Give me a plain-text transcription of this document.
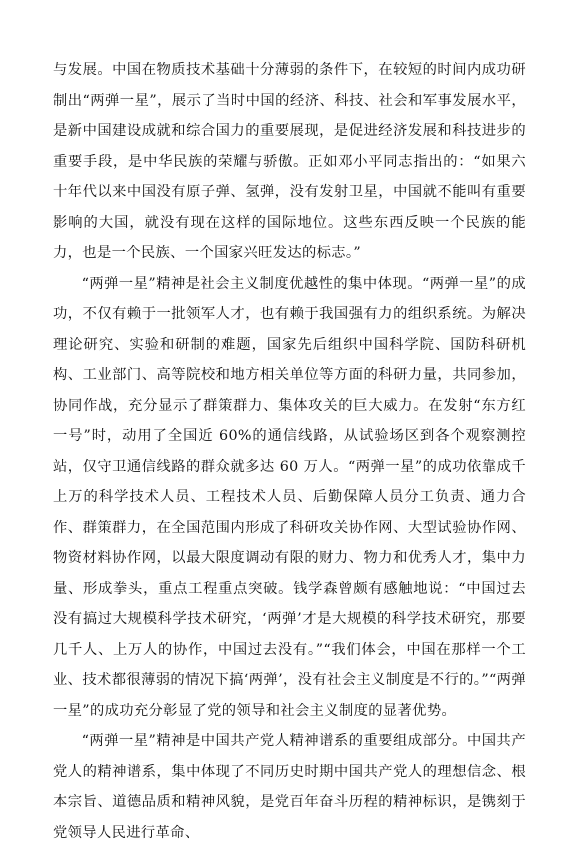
与发展。中国在物质技术基础十分薄弱的条件下，在较短的时间内成功研制出“两弹一星”，展示了当时中国的经济、科技、社会和军事发展水平，是新中国建设成就和综合国力的重要展现，是促进经济发展和科技进步的重要手段，是中华民族的荣耀与骄傲。正如邓小平同志指出的：“如果六十年代以来中国没有原子弹、氢弹，没有发射卫星，中国就不能叫有重要影响的大国，就没有现在这样的国际地位。这些东西反映一个民族的能力，也是一个民族、一个国家兴旺发达的标志。”

“两弹一星”精神是社会主义制度优越性的集中体现。“两弹一星”的成功，不仅有赖于一批领军人才，也有赖于我国强有力的组织系统。为解决理论研究、实验和研制的难题，国家先后组织中国科学院、国防科研机构、工业部门、高等院校和地方相关单位等方面的科研力量，共同参加，协同作战，充分显示了群策群力、集体攻关的巨大威力。在发射“东方红一号”时，动用了全国近 60%的通信线路，从试验场区到各个观察测控站，仅守卫通信线路的群众就多达 60 万人。“两弹一星”的成功依靠成千上万的科学技术人员、工程技术人员、后勤保障人员分工负责、通力合作、群策群力，在全国范围内形成了科研攻关协作网、大型试验协作网、物资材料协作网，以最大限度调动有限的财力、物力和优秀人才，集中力量、形成拳头，重点工程重点突破。钱学森曾颇有感触地说：“中国过去没有搞过大规模科学技术研究，‘两弹’才是大规模的科学技术研究，那要几千人、上万人的协作，中国过去没有。”“我们体会，中国在那样一个工业、技术都很薄弱的情况下搞‘两弹’，没有社会主义制度是不行的。”“两弹一星”的成功充分彰显了党的领导和社会主义制度的显著优势。

“两弹一星”精神是中国共产党人精神谱系的重要组成部分。中国共产党人的精神谱系，集中体现了不同历史时期中国共产党人的理想信念、根本宗旨、道德品质和精神风貌，是党百年奋斗历程的精神标识，是镌刻于党领导人民进行革命、
